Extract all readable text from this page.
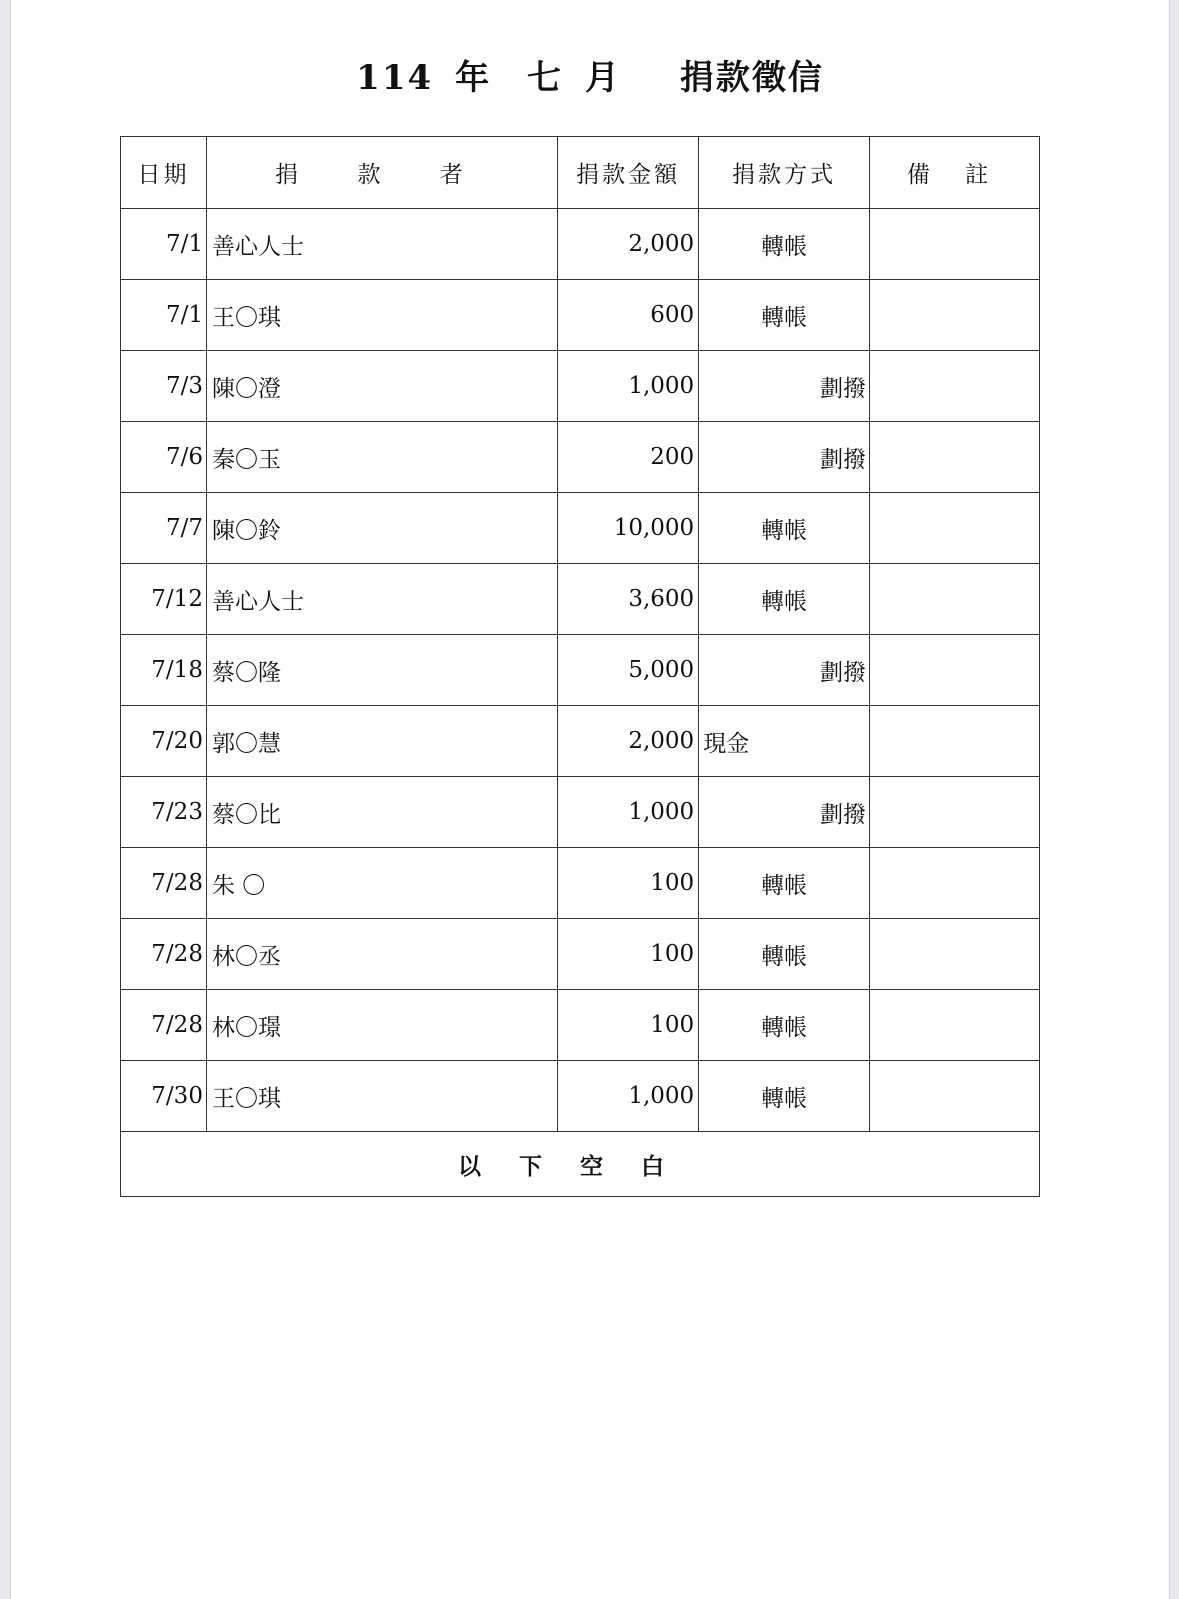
114 年 七 月 捐款徵信
日期	捐 款 者	捐款金額	捐款方式	備 註
7/1	善心人士	2,000	轉帳	
7/1	王〇琪	600	轉帳	
7/3	陳〇澄	1,000	劃撥	
7/6	秦〇玉	200	劃撥	
7/7	陳〇鈴	10,000	轉帳	
7/12	善心人士	3,600	轉帳	
7/18	蔡〇隆	5,000	劃撥	
7/20	郭〇慧	2,000	現金	
7/23	蔡〇比	1,000	劃撥	
7/28	朱 〇	100	轉帳	
7/28	林〇丞	100	轉帳	
7/28	林〇璟	100	轉帳	
7/30	王〇琪	1,000	轉帳	
以下空白				
